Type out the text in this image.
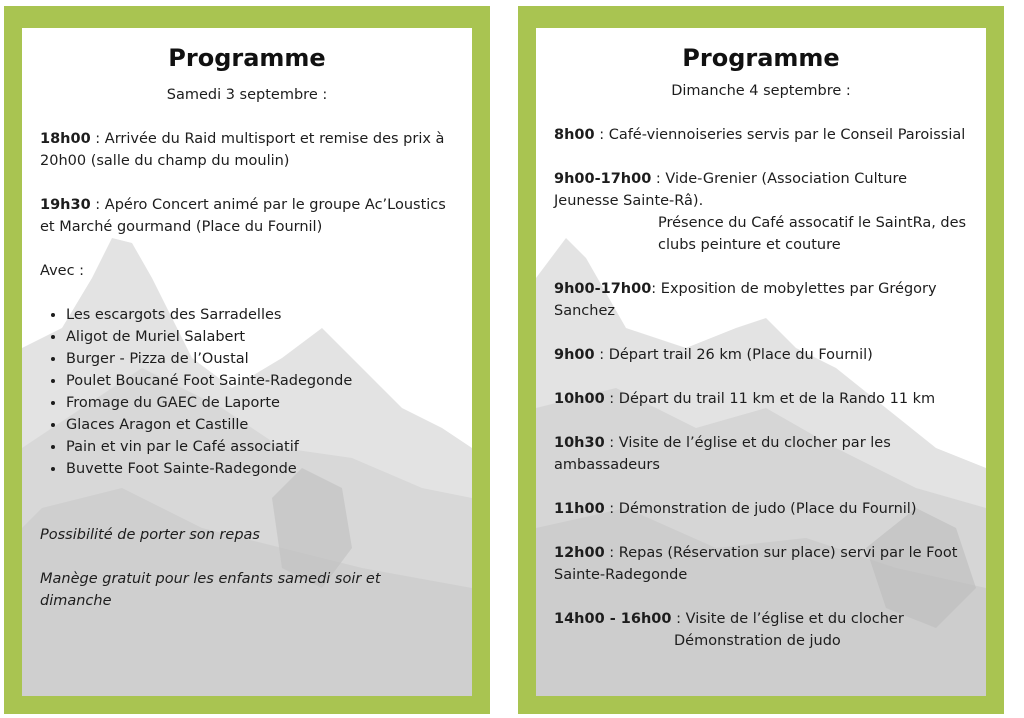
Programme
Samedi 3 septembre :
18h00 : Arrivée du Raid multisport et remise des prix à 20h00 (salle du champ du moulin)
19h30 : Apéro Concert animé par le groupe Ac’Loustics et Marché gourmand (Place du Fournil)
Avec :
• Les escargots des Sarradelles
• Aligot de Muriel Salabert
• Burger - Pizza de l’Oustal
• Poulet Boucané Foot Sainte-Radegonde
• Fromage du GAEC de Laporte
• Glaces Aragon et Castille
• Pain et vin par le Café associatif
• Buvette Foot Sainte-Radegonde
Possibilité de porter son repas
Manège gratuit pour les enfants samedi soir et dimanche
Programme
Dimanche 4 septembre :
8h00 : Café-viennoiseries servis par le Conseil Paroissial
9h00-17h00 : Vide-Grenier (Association Culture Jeunesse Sainte-Râ).
Présence du Café assocatif le SaintRa, des clubs peinture et couture
9h00-17h00: Exposition de mobylettes par Grégory Sanchez
9h00 : Départ trail 26 km (Place du Fournil)
10h00 : Départ du trail 11 km et de la Rando 11 km
10h30 : Visite de l’église et du clocher par les ambassadeurs
11h00 : Démonstration de judo (Place du Fournil)
12h00 : Repas (Réservation sur place) servi par le Foot Sainte-Radegonde
14h00 - 16h00 : Visite de l’église et du clocher
Démonstration de judo
